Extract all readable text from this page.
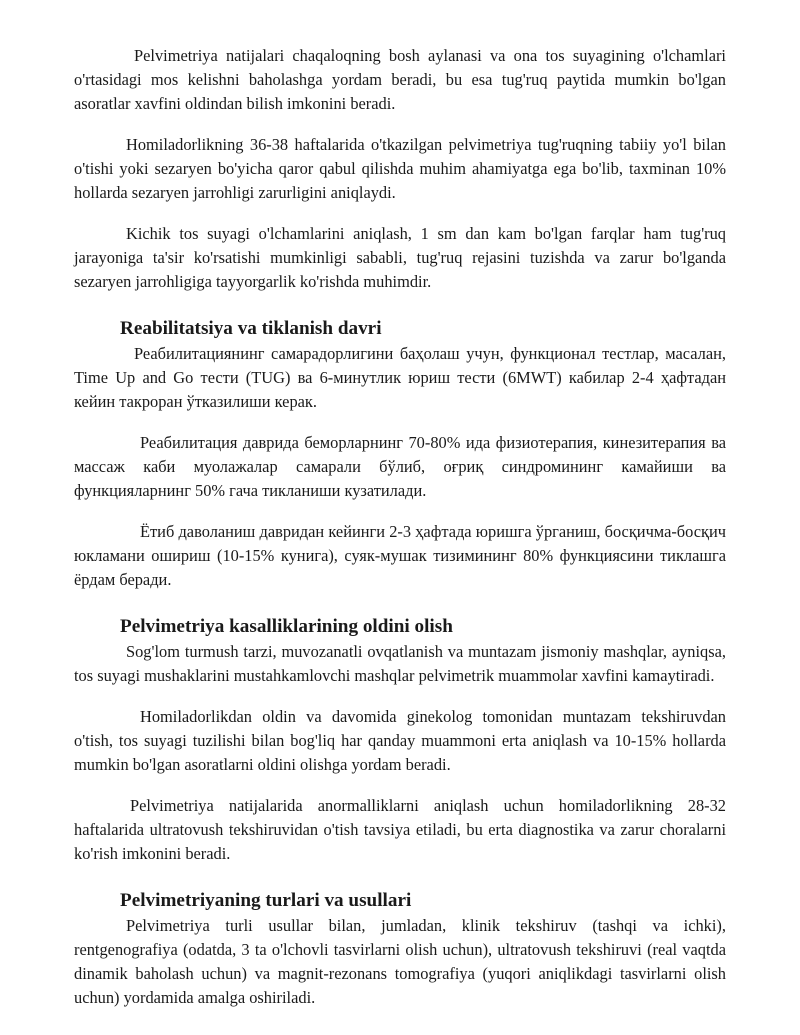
Pelvimetriya natijalari chaqaloqning bosh aylanasi va ona tos suyagining o'lchamlari o'rtasidagi mos kelishni baholashga yordam beradi, bu esa tug'ruq paytida mumkin bo'lgan asoratlar xavfini oldindan bilish imkonini beradi.

Homiladorlikning 36-38 haftalarida o'tkazilgan pelvimetriya tug'ruqning tabiiy yo'l bilan o'tishi yoki sezaryen bo'yicha qaror qabul qilishda muhim ahamiyatga ega bo'lib, taxminan 10% hollarda sezaryen jarrohligi zarurligini aniqlaydi.

Kichik tos suyagi o'lchamlarini aniqlash, 1 sm dan kam bo'lgan farqlar ham tug'ruq jarayoniga ta'sir ko'rsatishi mumkinligi sababli, tug'ruq rejasini tuzishda va zarur bo'lganda sezaryen jarrohligiga tayyorgarlik ko'rishda muhimdir.

Reabilitatsiya va tiklanish davri

Реабилитациянинг самарадорлигини баҳолаш учун, функционал тестлар, масалан, Time Up and Go тести (TUG) ва 6-минутлик юриш тести (6MWT) кабилар 2-4 ҳафтадан кейин такроран ўтказилиши керак.

Реабилитация даврида беморларнинг 70-80% ида физиотерапия, кинезитерапия ва массаж каби муолажалар самарали бўлиб, оғриқ синдромининг камайиши ва функцияларнинг 50% гача тикланиши кузатилади.

Ётиб даволаниш давридан кейинги 2-3 ҳафтада юришга ўрганиш, босқичма-босқич юкламани ошириш (10-15% кунига), суяк-мушак тизимининг 80% функциясини тиклашга ёрдам беради.

Pelvimetriya kasalliklarining oldini olish

Sog'lom turmush tarzi, muvozanatli ovqatlanish va muntazam jismoniy mashqlar, ayniqsa, tos suyagi mushaklarini mustahkamlovchi mashqlar pelvimetrik muammolar xavfini kamaytiradi.

Homiladorlikdan oldin va davomida ginekolog tomonidan muntazam tekshiruvdan o'tish, tos suyagi tuzilishi bilan bog'liq har qanday muammoni erta aniqlash va 10-15% hollarda mumkin bo'lgan asoratlarni oldini olishga yordam beradi.

Pelvimetriya natijalarida anormalliklarni aniqlash uchun homiladorlikning 28-32 haftalarida ultratovush tekshiruvidan o'tish tavsiya etiladi, bu erta diagnostika va zarur choralarni ko'rish imkonini beradi.

Pelvimetriyaning turlari va usullari

Pelvimetriya turli usullar bilan, jumladan, klinik tekshiruv (tashqi va ichki), rentgenografiya (odatda, 3 ta o'lchovli tasvirlarni olish uchun), ultratovush tekshiruvi (real vaqtda dinamik baholash uchun) va magnit-rezonans tomografiya (yuqori aniqlikdagi tasvirlarni olish uchun) yordamida amalga oshiriladi.
